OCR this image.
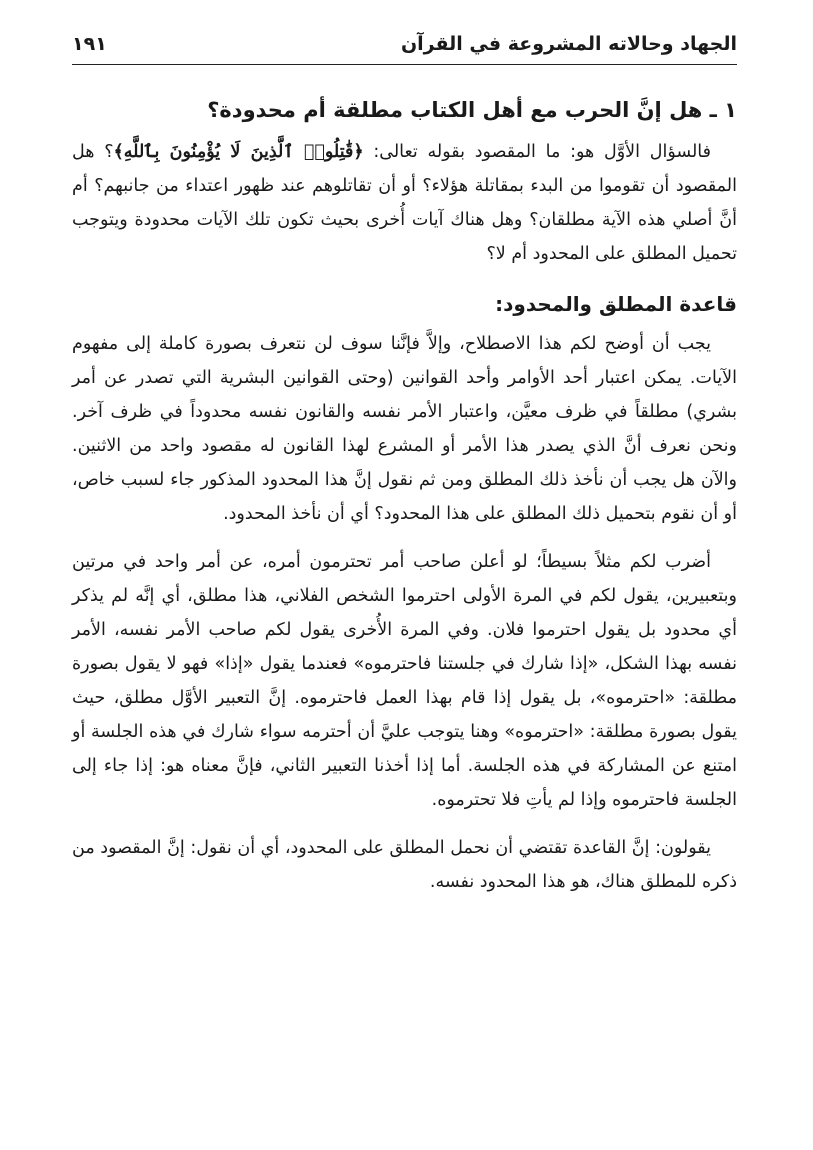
الجهاد وحالاته المشروعة في القرآن
١٩١
١ ـ هل إنَّ الحرب مع أهل الكتاب مطلقة أم محدودة؟

فالسؤال الأوَّل هو: ما المقصود بقوله تعالى: ﴿قَٰتِلُوا۟ ٱلَّذِينَ لَا يُؤْمِنُونَ بِٱللَّهِ﴾؟ هل المقصود أن تقوموا من البدء بمقاتلة هؤلاء؟ أو أن تقاتلوهم عند ظهور اعتداء من جانبهم؟ أم أنَّ أصلي هذه الآية مطلقان؟ وهل هناك آيات أُخرى بحيث تكون تلك الآيات محدودة ويتوجب تحميل المطلق على المحدود أم لا؟

قاعدة المطلق والمحدود:

يجب أن أوضح لكم هذا الاصطلاح، وإلاَّ فإنَّنا سوف لن نتعرف بصورة كاملة إلى مفهوم الآيات. يمكن اعتبار أحد الأوامر وأحد القوانين (وحتى القوانين البشرية التي تصدر عن أمر بشري) مطلقاً في ظرف معيَّن، واعتبار الأمر نفسه والقانون نفسه محدوداً في ظرف آخر. ونحن نعرف أنَّ الذي يصدر هذا الأمر أو المشرع لهذا القانون له مقصود واحد من الاثنين. والآن هل يجب أن نأخذ ذلك المطلق ومن ثم نقول إنَّ هذا المحدود المذكور جاء لسبب خاص، أو أن نقوم بتحميل ذلك المطلق على هذا المحدود؟ أي أن نأخذ المحدود.

أضرب لكم مثلاً بسيطاً؛ لو أعلن صاحب أمر تحترمون أمره، عن أمر واحد في مرتين وبتعبيرين، يقول لكم في المرة الأولى احترموا الشخص الفلاني، هذا مطلق، أي إنَّه لم يذكر أي محدود بل يقول احترموا فلان. وفي المرة الأُخرى يقول لكم صاحب الأمر نفسه، الأمر نفسه بهذا الشكل، «إذا شارك في جلستنا فاحترموه» فعندما يقول «إذا» فهو لا يقول بصورة مطلقة: «احترموه»، بل يقول إذا قام بهذا العمل فاحترموه. إنَّ التعبير الأوَّل مطلق، حيث يقول بصورة مطلقة: «احترموه» وهنا يتوجب عليَّ أن أحترمه سواء شارك في هذه الجلسة أو امتنع عن المشاركة في هذه الجلسة. أما إذا أخذنا التعبير الثاني، فإنَّ معناه هو: إذا جاء إلى الجلسة فاحترموه وإذا لم يأتِ فلا تحترموه.

يقولون: إنَّ القاعدة تقتضي أن نحمل المطلق على المحدود، أي أن نقول: إنَّ المقصود من ذكره للمطلق هناك، هو هذا المحدود نفسه.
